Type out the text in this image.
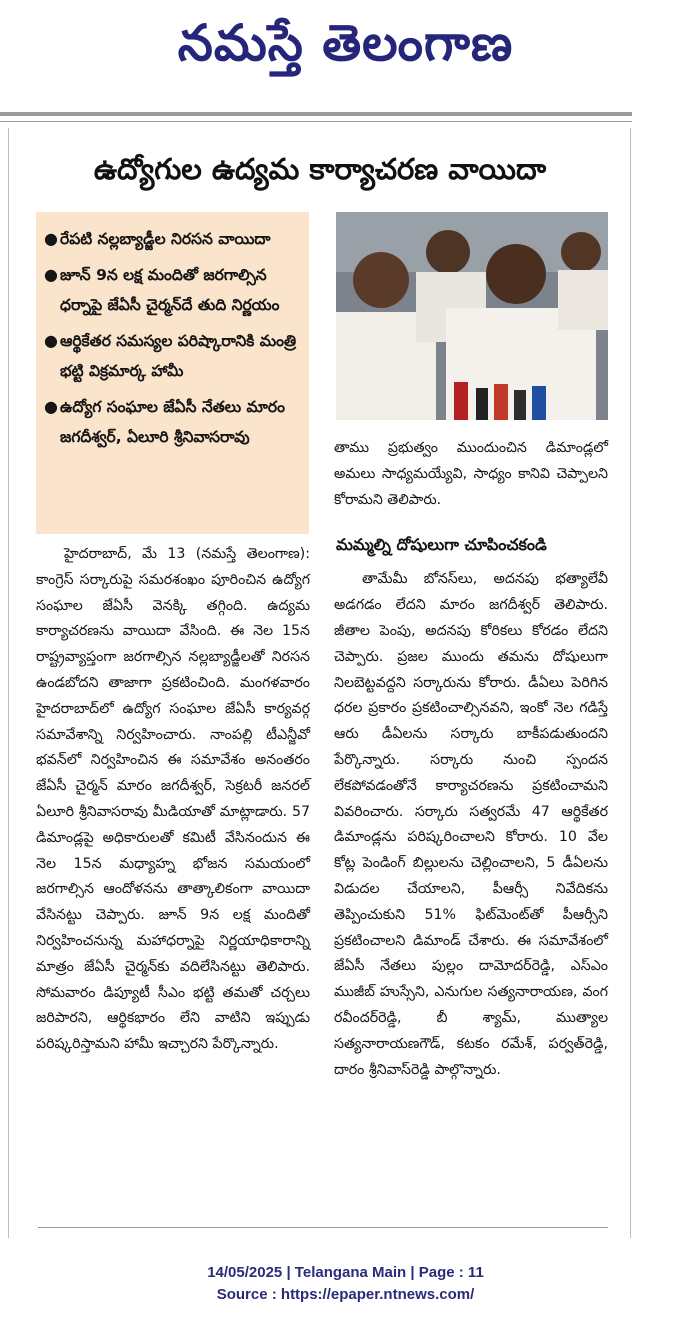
నమస్తే తెలంగాణ
ఉద్యోగుల ఉద్యమ కార్యాచరణ వాయిదా
● రేపటి నల్లబ్యాడ్జీల నిరసన వాయిదా
● జూన్ 9న లక్ష మందితో జరగాల్సిన ధర్నాపై జేఏసీ చైర్మన్‌దే తుది నిర్ణయం
● ఆర్థికేతర సమస్యల పరిష్కారానికి మంత్రి భట్టి విక్రమార్క హామీ
● ఉద్యోగ సంఘాల జేఏసీ నేతలు మారం జగదీశ్వర్, ఏలూరి శ్రీనివాసరావు

తాము ప్రభుత్వం ముందుంచిన డిమాండ్లలో అమలు సాధ్యమయ్యేవి, సాధ్యం కానివి చెప్పాలని కోరామని తెలిపారు.

మమ్మల్ని దోషులుగా చూపించకండి

తామేమీ బోనస్‌లు, అదనపు భత్యాలేవీ అడగడం లేదని మారం జగదీశ్వర్ తెలిపారు. జీతాల పెంపు, అదనపు కోరికలు కోరడం లేదని చెప్పారు. ప్రజల ముందు తమను దోషులుగా నిలబెట్టవద్దని సర్కారును కోరారు. డీఏలు పెరిగిన ధరల ప్రకారం ప్రకటించాల్సినవని, ఇంకో నెల గడిస్తే ఆరు డీఏలను సర్కారు బాకీపడుతుందని పేర్కొన్నారు. సర్కారు నుంచి స్పందన లేకపోవడంతోనే కార్యాచరణను ప్రకటించామని వివరించారు. సర్కారు సత్వరమే 47 ఆర్థికేతర డిమాండ్లను పరిష్కరించాలని కోరారు. 10 వేల కోట్ల పెండింగ్ బిల్లులను చెల్లించాలని, 5 డీఏలను విడుదల చేయాలని, పీఆర్సీ నివేదికను తెప్పించుకుని 51% ఫిట్‌మెంట్‌తో పీఆర్సీని ప్రకటించాలని డిమాండ్ చేశారు. ఈ సమావేశంలో జేఏసీ నేతలు పుల్లం దామోదర్‌రెడ్డి, ఎస్‌ఎం ముజీబ్ హుస్సేని, ఎనుగుల సత్యనారాయణ, వంగ రవీందర్‌రెడ్డి, బీ శ్యామ్, ముత్యాల సత్యనారాయణగౌడ్, కటకం రమేశ్, పర్వత్‌రెడ్డి, దారం శ్రీనివాస్‌రెడ్డి పాల్గొన్నారు.

హైదరాబాద్, మే 13 (నమస్తే తెలంగాణ): కాంగ్రెస్ సర్కారుపై సమరశంఖం పూరించిన ఉద్యోగ సంఘాల జేఏసీ వెనక్కి తగ్గింది. ఉద్యమ కార్యాచరణను వాయిదా వేసింది. ఈ నెల 15న రాష్ట్రవ్యాప్తంగా జరగాల్సిన నల్లబ్యాడ్జీలతో నిరసన ఉండబోదని తాజాగా ప్రకటించింది. మంగళవారం హైదరాబాద్‌లో ఉద్యోగ సంఘాల జేఏసీ కార్యవర్గ సమావేశాన్ని నిర్వహించారు. నాంపల్లి టీఎన్జీవో భవన్‌లో నిర్వహించిన ఈ సమావేశం అనంతరం జేఏసీ చైర్మన్ మారం జగదీశ్వర్, సెక్రటరీ జనరల్ ఏలూరి శ్రీనివాసరావు మీడియాతో మాట్లాడారు. 57 డిమాండ్లపై అధికారులతో కమిటీ వేసినందున ఈ నెల 15న మధ్యాహ్న భోజన సమయంలో జరగాల్సిన ఆందోళనను తాత్కాలికంగా వాయిదా వేసినట్టు చెప్పారు. జూన్ 9న లక్ష మందితో నిర్వహించనున్న మహాధర్నాపై నిర్ణయాధికారాన్ని మాత్రం జేఏసీ చైర్మన్‌కు వదిలేసినట్టు తెలిపారు. సోమవారం డిప్యూటీ సీఎం భట్టి తమతో చర్చలు జరిపారని, ఆర్థికభారం లేని వాటిని ఇప్పుడు పరిష్కరిస్తామని హామీ ఇచ్చారని పేర్కొన్నారు.

14/05/2025 | Telangana Main | Page : 11
Source : https://epaper.ntnews.com/
